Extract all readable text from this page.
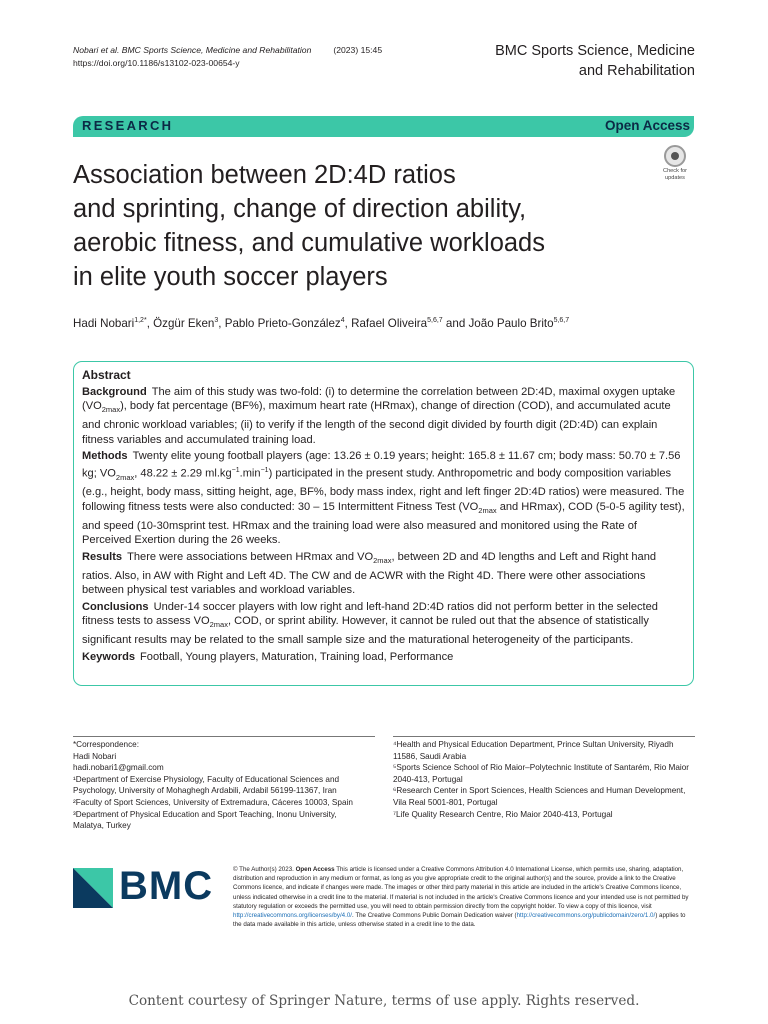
Nobari et al. BMC Sports Science, Medicine and Rehabilitation	(2023) 15:45
https://doi.org/10.1186/s13102-023-00654-y
BMC Sports Science, Medicine
and Rehabilitation
RESEARCH	Open Access
Check for updates
Association between 2D:4D ratios
and sprinting, change of direction ability,
aerobic fitness, and cumulative workloads
in elite youth soccer players
Hadi Nobari$^{1,2*}$, Özgür Eken$^3$, Pablo Prieto-González$^4$, Rafael Oliveira$^{5,6,7}$ and João Paulo Brito$^{5,6,7}$
Abstract

Background The aim of this study was two-fold: (i) to determine the correlation between 2D:4D, maximal oxygen uptake $(VO_{2max})$, body fat percentage (BF%), maximum heart rate (HRmax), change of direction (COD), and accumulated acute and chronic workload variables; (ii) to verify if the length of the second digit divided by fourth digit (2D:4D) can explain fitness variables and accumulated training load.

Methods Twenty elite young football players (age: 13.26 ± 0.19 years; height: 165.8 ± 11.67 cm; body mass: 50.70 ± 7.56 kg; $VO_{2max}$, 48.22 ± 2.29 $ml.kg^{-1}.\min^{-1}$) participated in the present study. Anthropometric and body composition variables (e.g., height, body mass, sitting height, age, BF%, body mass index, right and left finger 2D:4D ratios) were measured. The following fitness tests were also conducted: 30 – 15 Intermittent Fitness Test ($VO_{2max}$ and HRmax), COD (5-0-5 agility test), and speed (10-30msprint test. HRmax and the training load were also measured and monitored using the Rate of Perceived Exertion during the 26 weeks.

Results There were associations between HRmax and $VO_{2max}$, between 2D and 4D lengths and Left and Right hand ratios. Also, in AW with Right and Left 4D. The CW and de ACWR with the Right 4D. There were other associations between physical test variables and workload variables.

Conclusions Under-14 soccer players with low right and left-hand 2D:4D ratios did not perform better in the selected fitness tests to assess $VO_{2max}$, COD, or sprint ability. However, it cannot be ruled out that the absence of statistically significant results may be related to the small sample size and the maturational heterogeneity of the participants.

Keywords Football, Young players, Maturation, Training load, Performance

*Correspondence:
Hadi Nobari
hadi.nobari1@gmail.com
¹Department of Exercise Physiology, Faculty of Educational Sciences and Psychology, University of Mohaghegh Ardabili, Ardabil 56199-11367, Iran
²Faculty of Sport Sciences, University of Extremadura, Cáceres 10003, Spain
³Department of Physical Education and Sport Teaching, Inonu University, Malatya, Turkey
⁴Health and Physical Education Department, Prince Sultan University, Riyadh 11586, Saudi Arabia
⁵Sports Science School of Rio Maior–Polytechnic Institute of Santarém, Rio Maior 2040-413, Portugal
⁶Research Center in Sport Sciences, Health Sciences and Human Development, Vila Real 5001-801, Portugal
⁷Life Quality Research Centre, Rio Maior 2040-413, Portugal
BMC	© The Author(s) 2023. Open Access This article is licensed under a Creative Commons Attribution 4.0 International License, which permits use, sharing, adaptation, distribution and reproduction in any medium or format, as long as you give appropriate credit to the original author(s) and the source, provide a link to the Creative Commons licence, and indicate if changes were made. The images or other third party material in this article are included in the article's Creative Commons licence, unless indicated otherwise in a credit line to the material. If material is not included in the article's Creative Commons licence and your intended use is not permitted by statutory regulation or exceeds the permitted use, you will need to obtain permission directly from the copyright holder. To view a copy of this licence, visit http://creativecommons.org/licenses/by/4.0/. The Creative Commons Public Domain Dedication waiver (http://creativecommons.org/publicdomain/zero/1.0/) applies to the data made available in this article, unless otherwise stated in a credit line to the data.
Content courtesy of Springer Nature, terms of use apply. Rights reserved.
